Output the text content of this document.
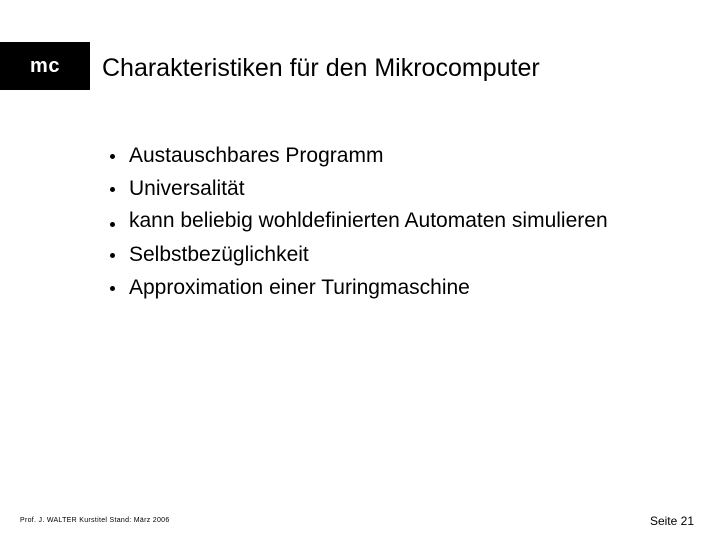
mc	Charakteristiken für den Mikrocomputer
Austauschbares Programm
Universalität
kann beliebig wohldefinierten Automaten simulieren
Selbstbezüglichkeit
Approximation einer Turingmaschine
Prof. J. WALTER Kurstitel Stand: März 2006	Seite 21
